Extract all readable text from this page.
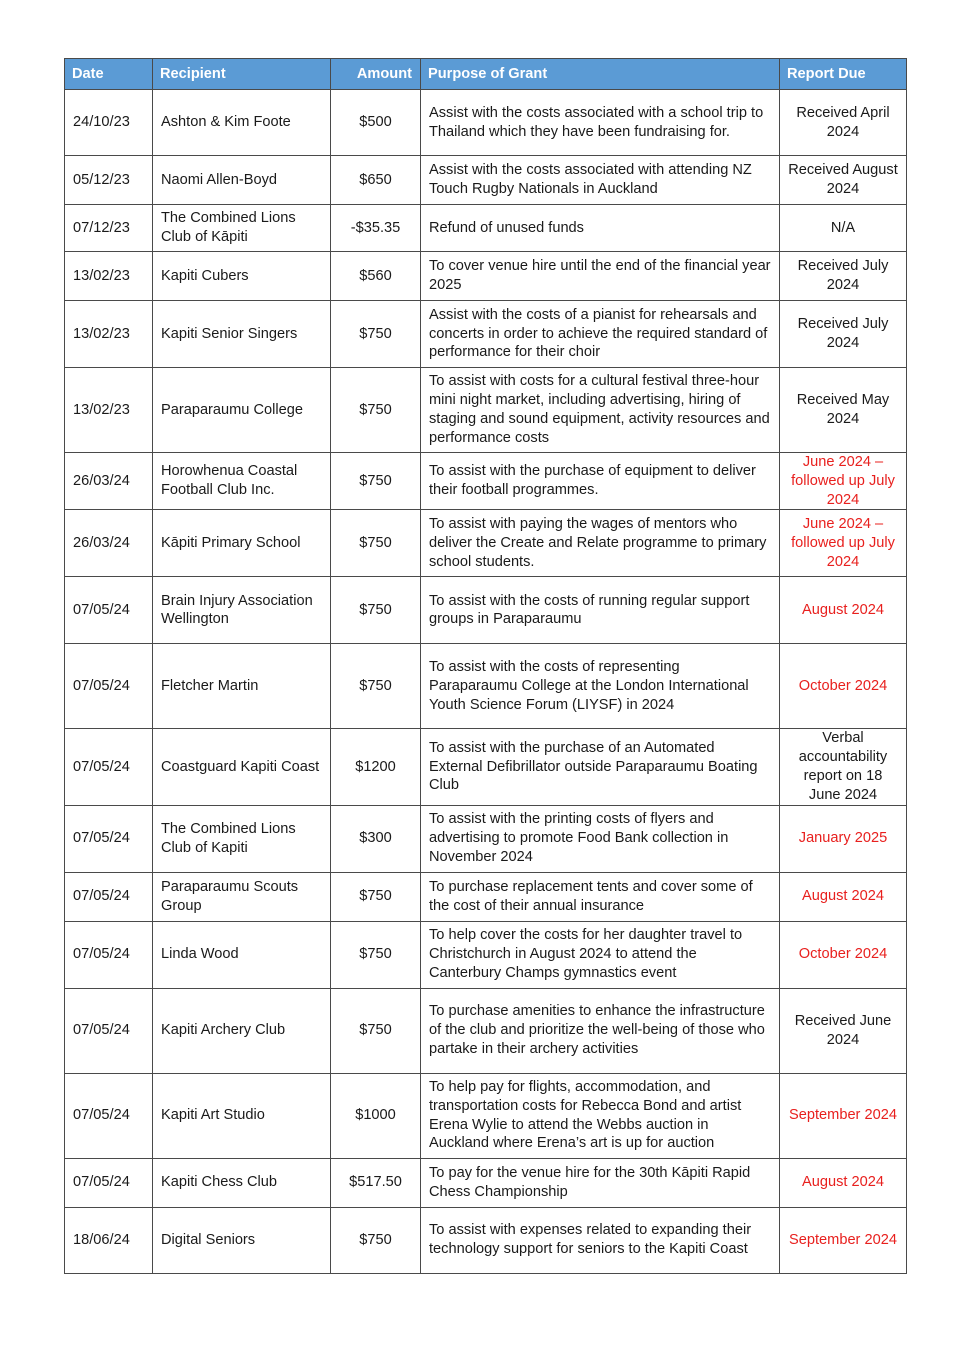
Date	Recipient	Amount	Purpose of Grant	Report Due
24/10/23	Ashton & Kim Foote	$500	Assist with the costs associated with a school trip to Thailand which they have been fundraising for.	Received April 2024
05/12/23	Naomi Allen-Boyd	$650	Assist with the costs associated with attending NZ Touch Rugby Nationals in Auckland	Received August 2024
07/12/23	The Combined Lions Club of Kāpiti	-$35.35	Refund of unused funds	N/A
13/02/23	Kapiti Cubers	$560	To cover venue hire until the end of the financial year 2025	Received July 2024
13/02/23	Kapiti Senior Singers	$750	Assist with the costs of a pianist for rehearsals and concerts in order to achieve the required standard of performance for their choir	Received July 2024
13/02/23	Paraparaumu College	$750	To assist with costs for a cultural festival three-hour mini night market, including advertising, hiring of staging and sound equipment, activity resources and performance costs	Received May 2024
26/03/24	Horowhenua Coastal Football Club Inc.	$750	To assist with the purchase of equipment to deliver their football programmes.	June 2024 – followed up July 2024
26/03/24	Kāpiti Primary School	$750	To assist with paying the wages of mentors who deliver the Create and Relate programme to primary school students.	June 2024 – followed up July 2024
07/05/24	Brain Injury Association Wellington	$750	To assist with the costs of running regular support groups in Paraparaumu	August 2024
07/05/24	Fletcher Martin	$750	To assist with the costs of representing Paraparaumu College at the London International Youth Science Forum (LIYSF) in 2024	October 2024
07/05/24	Coastguard Kapiti Coast	$1200	To assist with the purchase of an Automated External Defibrillator outside Paraparaumu Boating Club	Verbal accountability report on 18 June 2024
07/05/24	The Combined Lions Club of Kapiti	$300	To assist with the printing costs of flyers and advertising to promote Food Bank collection in November 2024	January 2025
07/05/24	Paraparaumu Scouts Group	$750	To purchase replacement tents and cover some of the cost of their annual insurance	August 2024
07/05/24	Linda Wood	$750	To help cover the costs for her daughter travel to Christchurch in August 2024 to attend the Canterbury Champs gymnastics event	October 2024
07/05/24	Kapiti Archery Club	$750	To purchase amenities to enhance the infrastructure of the club and prioritize the well-being of those who partake in their archery activities	Received June 2024
07/05/24	Kapiti Art Studio	$1000	To help pay for flights, accommodation, and transportation costs for Rebecca Bond and artist Erena Wylie to attend the Webbs auction in Auckland where Erena’s art is up for auction	September 2024
07/05/24	Kapiti Chess Club	$517.50	To pay for the venue hire for the 30th Kāpiti Rapid Chess Championship	August 2024
18/06/24	Digital Seniors	$750	To assist with expenses related to expanding their technology support for seniors to the Kapiti Coast	September 2024
